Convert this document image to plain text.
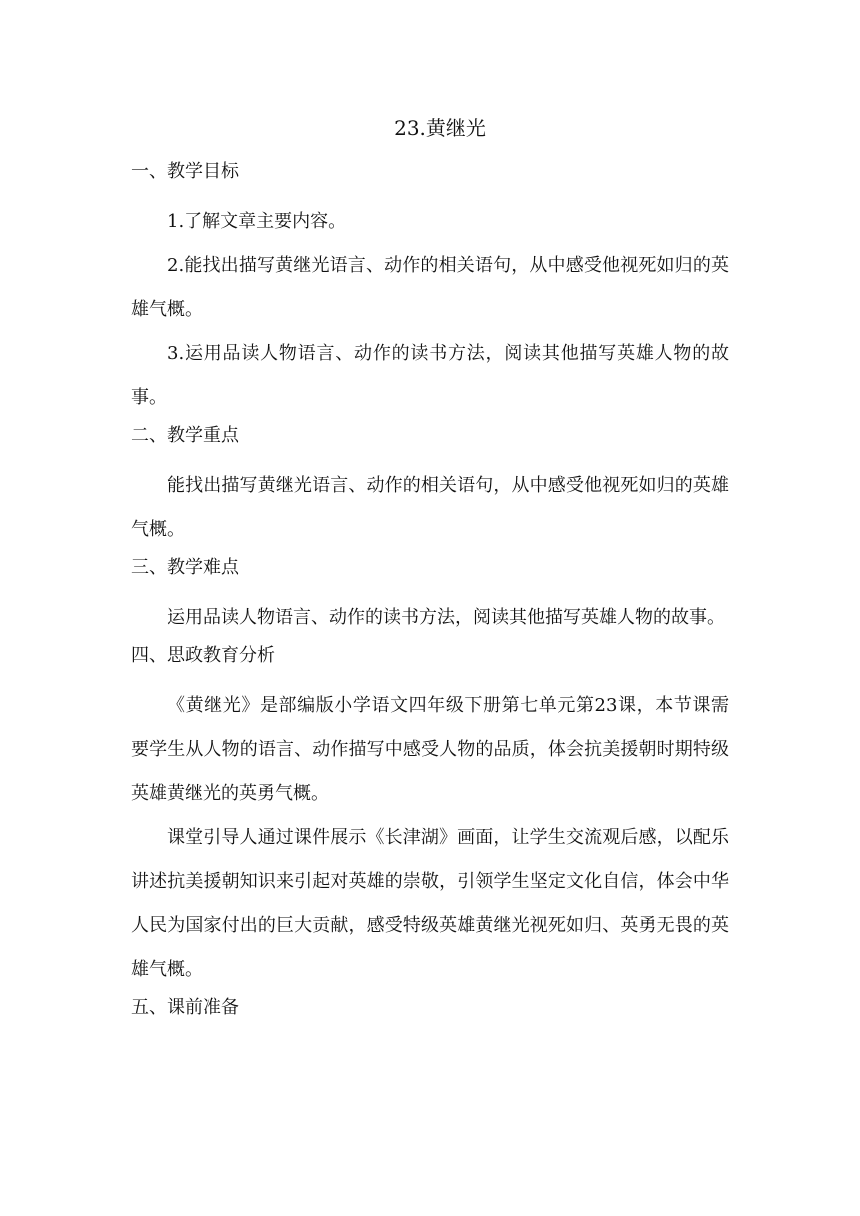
23.黄继光
一、教学目标

1.了解文章主要内容。

2.能找出描写黄继光语言、动作的相关语句，从中感受他视死如归的英雄气概。

3.运用品读人物语言、动作的读书方法，阅读其他描写英雄人物的故事。

二、教学重点

能找出描写黄继光语言、动作的相关语句，从中感受他视死如归的英雄气概。

三、教学难点

运用品读人物语言、动作的读书方法，阅读其他描写英雄人物的故事。

四、思政教育分析

《黄继光》是部编版小学语文四年级下册第七单元第23课，本节课需要学生从人物的语言、动作描写中感受人物的品质，体会抗美援朝时期特级英雄黄继光的英勇气概。

课堂引导人通过课件展示《长津湖》画面，让学生交流观后感，以配乐讲述抗美援朝知识来引起对英雄的崇敬，引领学生坚定文化自信，体会中华人民为国家付出的巨大贡献，感受特级英雄黄继光视死如归、英勇无畏的英雄气概。

五、课前准备
